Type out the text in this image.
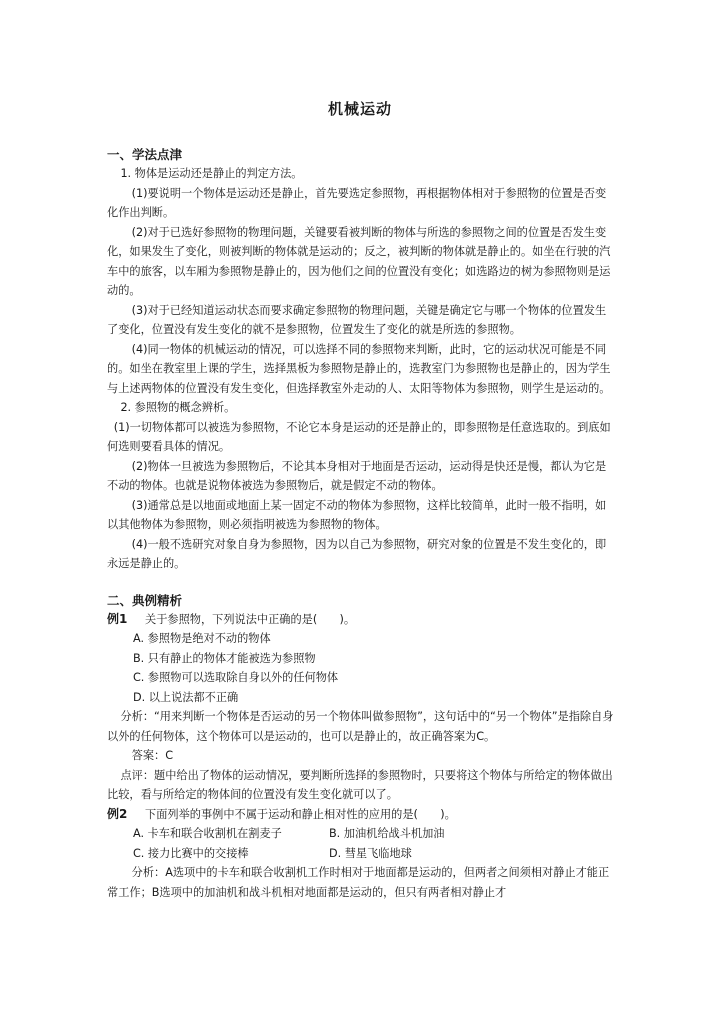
机械运动

一、学法点津

1. 物体是运动还是静止的判定方法。

(1)要说明一个物体是运动还是静止，首先要选定参照物，再根据物体相对于参照物的位置是否变化作出判断。

(2)对于已选好参照物的物理问题，关键要看被判断的物体与所选的参照物之间的位置是否发生变化，如果发生了变化，则被判断的物体就是运动的；反之，被判断的物体就是静止的。如坐在行驶的汽车中的旅客，以车厢为参照物是静止的，因为他们之间的位置没有变化；如选路边的树为参照物则是运动的。

(3)对于已经知道运动状态而要求确定参照物的物理问题，关键是确定它与哪一个物体的位置发生了变化，位置没有发生变化的就不是参照物，位置发生了变化的就是所选的参照物。

(4)同一物体的机械运动的情况，可以选择不同的参照物来判断，此时，它的运动状况可能是不同的。如坐在教室里上课的学生，选择黑板为参照物是静止的，选教室门为参照物也是静止的，因为学生与上述两物体的位置没有发生变化，但选择教室外走动的人、太阳等物体为参照物，则学生是运动的。

2. 参照物的概念辨析。

(1)一切物体都可以被选为参照物，不论它本身是运动的还是静止的，即参照物是任意选取的。到底如何选则要看具体的情况。

(2)物体一旦被选为参照物后，不论其本身相对于地面是否运动，运动得是快还是慢，都认为它是不动的物体。也就是说物体被选为参照物后，就是假定不动的物体。

(3)通常总是以地面或地面上某一固定不动的物体为参照物，这样比较简单，此时一般不指明，如以其他物体为参照物，则必须指明被选为参照物的物体。

(4)一般不选研究对象自身为参照物，因为以自己为参照物，研究对象的位置是不发生变化的，即永远是静止的。

二、典例精析

例1 关于参照物，下列说法中正确的是(　　)。

A. 参照物是绝对不动的物体

B. 只有静止的物体才能被选为参照物

C. 参照物可以选取除自身以外的任何物体

D. 以上说法都不正确

分析：“用来判断一个物体是否运动的另一个物体叫做参照物”，这句话中的“另一个物体”是指除自身以外的任何物体，这个物体可以是运动的，也可以是静止的，故正确答案为C。

答案：C

点评：题中给出了物体的运动情况，要判断所选择的参照物时，只要将这个物体与所给定的物体做出比较，看与所给定的物体间的位置没有发生变化就可以了。

例2 下面列举的事例中不属于运动和静止相对性的应用的是(　　)。

A. 卡车和联合收割机在割麦子	B. 加油机给战斗机加油
C. 接力比赛中的交接棒	D. 彗星飞临地球

分析：A选项中的卡车和联合收割机工作时相对于地面都是运动的，但两者之间须相对静止才能正常工作；B选项中的加油机和战斗机相对地面都是运动的，但只有两者相对静止才
